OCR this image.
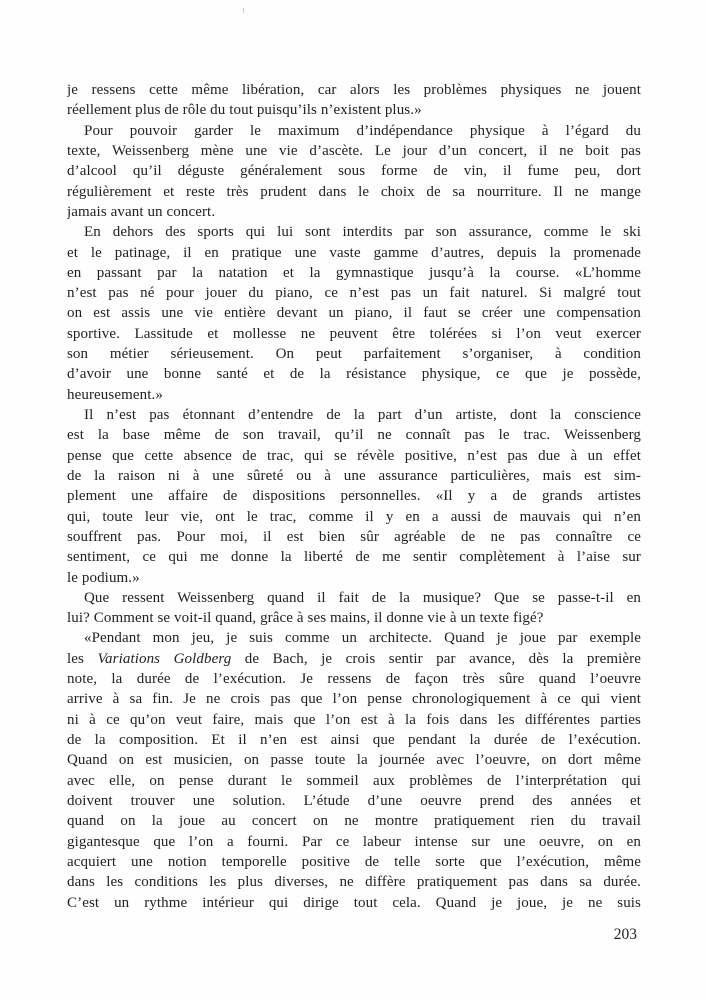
je ressens cette même libération, car alors les problèmes physiques ne jouent
réellement plus de rôle du tout puisqu’ils n’existent plus.»
Pour pouvoir garder le maximum d’indépendance physique à l’égard du
texte, Weissenberg mène une vie d’ascète. Le jour d’un concert, il ne boit pas
d’alcool qu’il déguste généralement sous forme de vin, il fume peu, dort
régulièrement et reste très prudent dans le choix de sa nourriture. Il ne mange
jamais avant un concert.
En dehors des sports qui lui sont interdits par son assurance, comme le ski
et le patinage, il en pratique une vaste gamme d’autres, depuis la promenade
en passant par la natation et la gymnastique jusqu’à la course. «L’homme
n’est pas né pour jouer du piano, ce n’est pas un fait naturel. Si malgré tout
on est assis une vie entière devant un piano, il faut se créer une compensation
sportive. Lassitude et mollesse ne peuvent être tolérées si l’on veut exercer
son métier sérieusement. On peut parfaitement s’organiser, à condition
d’avoir une bonne santé et de la résistance physique, ce que je possède,
heureusement.»
Il n’est pas étonnant d’entendre de la part d’un artiste, dont la conscience
est la base même de son travail, qu’il ne connaît pas le trac. Weissenberg
pense que cette absence de trac, qui se révèle positive, n’est pas due à un effet
de la raison ni à une sûreté ou à une assurance particulières, mais est sim-
plement une affaire de dispositions personnelles. «Il y a de grands artistes
qui, toute leur vie, ont le trac, comme il y en a aussi de mauvais qui n’en
souffrent pas. Pour moi, il est bien sûr agréable de ne pas connaître ce
sentiment, ce qui me donne la liberté de me sentir complètement à l’aise sur
le podium.»
Que ressent Weissenberg quand il fait de la musique? Que se passe-t-il en
lui? Comment se voit-il quand, grâce à ses mains, il donne vie à un texte figé?
«Pendant mon jeu, je suis comme un architecte. Quand je joue par exemple
les Variations Goldberg de Bach, je crois sentir par avance, dès la première
note, la durée de l’exécution. Je ressens de façon très sûre quand l’oeuvre
arrive à sa fin. Je ne crois pas que l’on pense chronologiquement à ce qui vient
ni à ce qu’on veut faire, mais que l’on est à la fois dans les différentes parties
de la composition. Et il n’en est ainsi que pendant la durée de l’exécution.
Quand on est musicien, on passe toute la journée avec l’oeuvre, on dort même
avec elle, on pense durant le sommeil aux problèmes de l’interprétation qui
doivent trouver une solution. L’étude d’une oeuvre prend des années et
quand on la joue au concert on ne montre pratiquement rien du travail
gigantesque que l’on a fourni. Par ce labeur intense sur une oeuvre, on en
acquiert une notion temporelle positive de telle sorte que l’exécution, même
dans les conditions les plus diverses, ne diffère pratiquement pas dans sa durée.
C’est un rythme intérieur qui dirige tout cela. Quand je joue, je ne suis
203
